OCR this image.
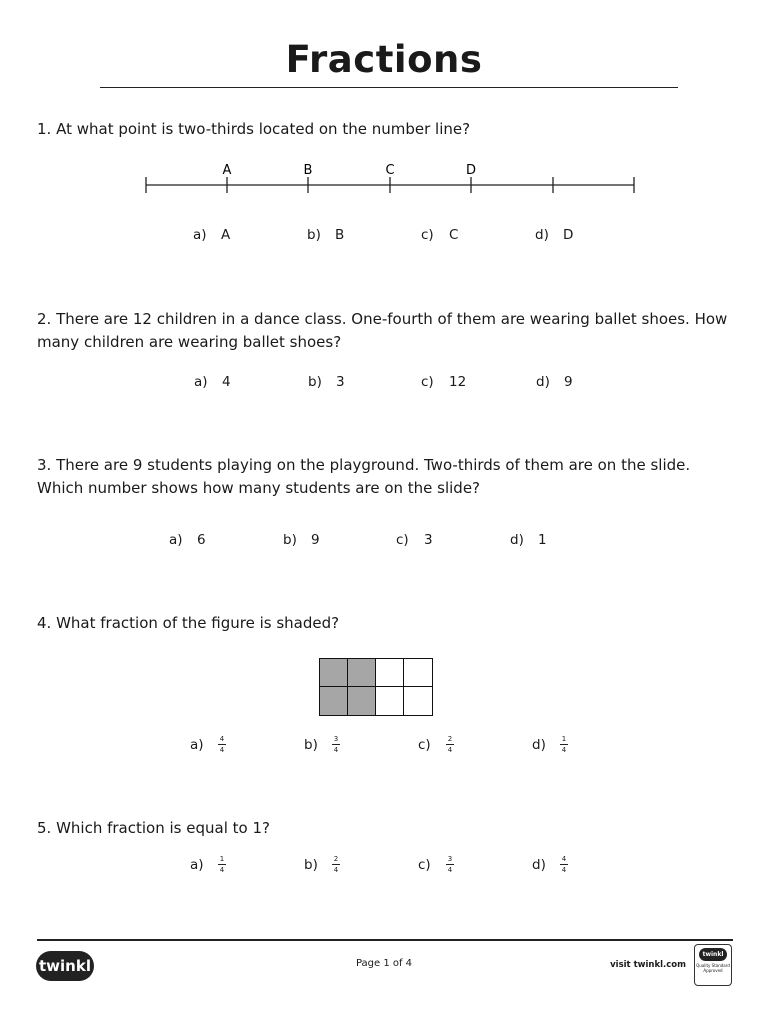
Fractions
1. At what point is two-thirds located on the number line?
A	B	C	D
a) A	b) B	c) C	d) D
2. There are 12 children in a dance class. One-fourth of them are wearing ballet shoes. How many children are wearing ballet shoes?
a) 4	b) 3	c) 12	d) 9
3. There are 9 students playing on the playground. Two-thirds of them are on the slide. Which number shows how many students are on the slide?
a) 6	b) 9	c) 3	d) 1
4. What fraction of the figure is shaded?
$a) \frac{4}{4}$	$b) \frac{3}{4}$	$c) \frac{2}{4}$	$d) \frac{1}{4}$
5. Which fraction is equal to 1?
$a) \frac{1}{4}$	$b) \frac{2}{4}$	$c) \frac{3}{4}$	$d) \frac{4}{4}$
twinkl	Page 1 of 4	visit twinkl.com
twinkl
Quality Standard Approved
